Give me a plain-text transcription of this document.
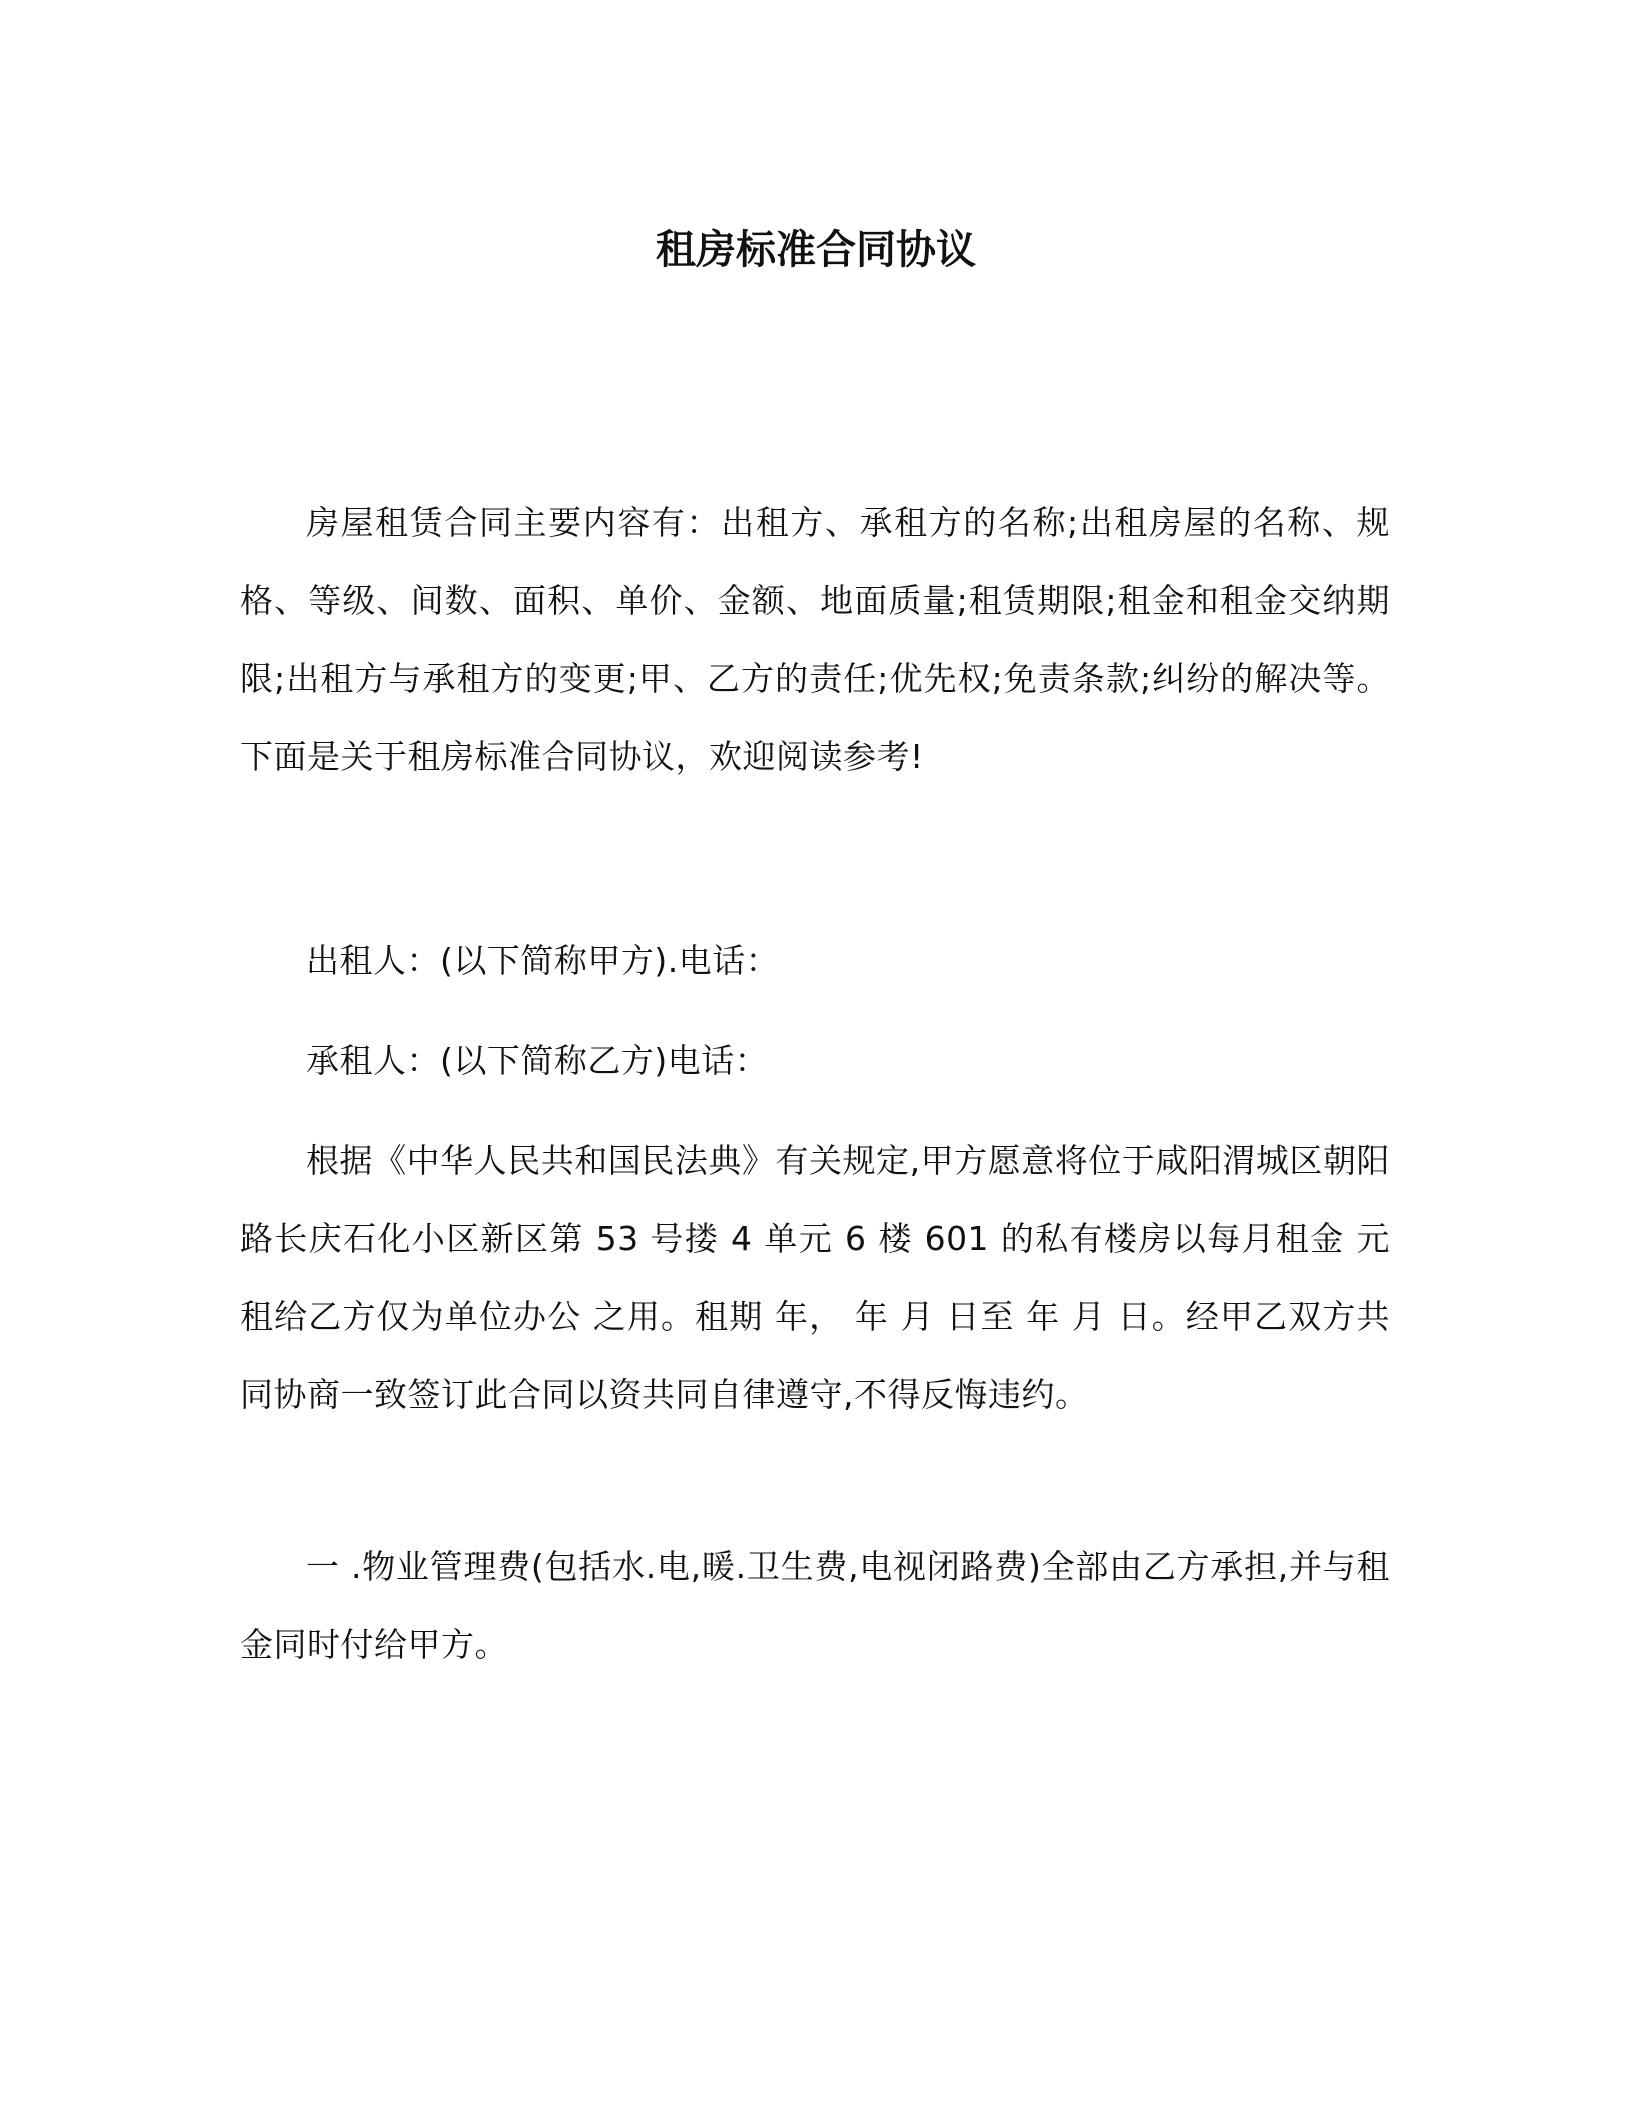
租房标准合同协议

房屋租赁合同主要内容有：出租方、承租方的名称;出租房屋的名称、规格、等级、间数、面积、单价、金额、地面质量;租赁期限;租金和租金交纳期限;出租方与承租方的变更;甲、乙方的责任;优先权;免责条款;纠纷的解决等。下面是关于租房标准合同协议，欢迎阅读参考!

出租人：(以下简称甲方).电话：

承租人：(以下简称乙方)电话：

根据《中华人民共和国民法典》有关规定,甲方愿意将位于咸阳渭城区朝阳路长庆石化小区新区第 53 号搂 4 单元 6 楼 601 的私有楼房以每月租金 元租给乙方仅为单位办公 之用。租期 年， 年 月 日至 年 月 日。经甲乙双方共同协商一致签订此合同以资共同自律遵守,不得反悔违约。

一 .物业管理费(包括水.电,暖.卫生费,电视闭路费)全部由乙方承担,并与租金同时付给甲方。
